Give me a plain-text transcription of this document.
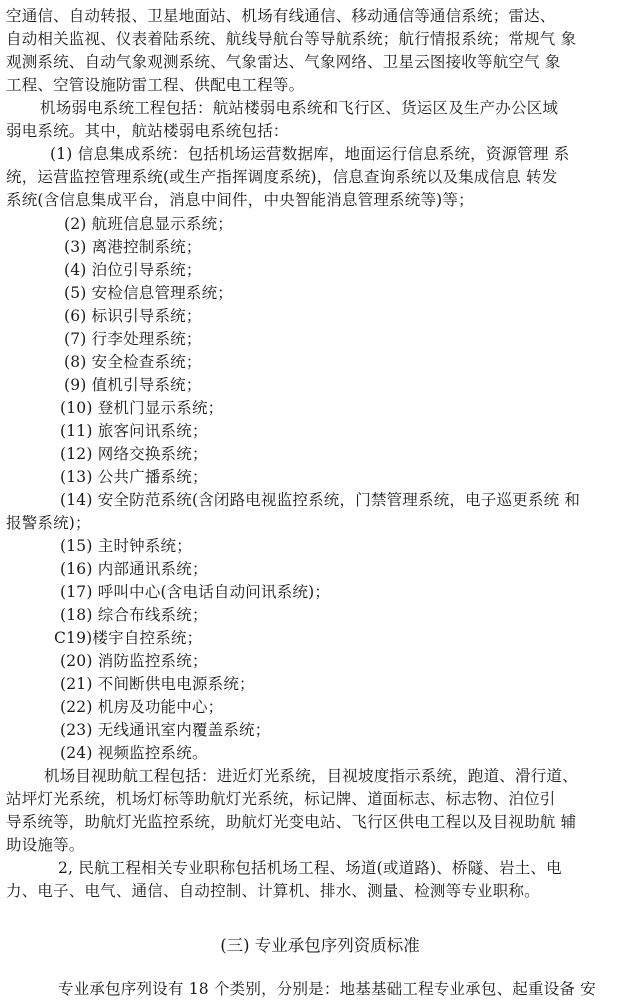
空通信、自动转报、卫星地面站、机场有线通信、移动通信等通信系统；雷达、
自动相关监视、仪表着陆系统、航线导航台等导航系统；航行情报系统；常规气 象
观测系统、自动气象观测系统、气象雷达、气象网络、卫星云图接收等航空气 象
工程、空管设施防雷工程、供配电工程等。
机场弱电系统工程包括：航站楼弱电系统和飞行区、货运区及生产办公区域
弱电系统。其中，航站楼弱电系统包括：
(1) 信息集成系统：包括机场运营数据库，地面运行信息系统，资源管理 系
统，运营监控管理系统(或生产指挥调度系统)，信息查询系统以及集成信息 转发
系统(含信息集成平台，消息中间件，中央智能消息管理系统等)等；
(2) 航班信息显示系统；
(3) 离港控制系统；
(4) 泊位引导系统；
(5) 安检信息管理系统；
(6) 标识引导系统；
(7) 行李处理系统；
(8) 安全检查系统；
(9) 值机引导系统；
(10) 登机门显示系统；
(11) 旅客问讯系统；
(12) 网络交换系统；
(13) 公共广播系统；
(14) 安全防范系统(含闭路电视监控系统，门禁管理系统，电子巡更系统 和
报警系统)；
(15) 主时钟系统；
(16) 内部通讯系统；
(17) 呼叫中心(含电话自动问讯系统)；
(18) 综合布线系统；
C19)楼宇自控系统；
(20) 消防监控系统；
(21) 不间断供电电源系统；
(22) 机房及功能中心；
(23) 无线通讯室内覆盖系统；
(24) 视频监控系统。
机场目视助航工程包括：进近灯光系统，目视坡度指示系统，跑道、滑行道、
站坪灯光系统，机场灯标等助航灯光系统，标记牌、道面标志、标志物、泊位引
导系统等，助航灯光监控系统，助航灯光变电站、飞行区供电工程以及目视助航 辅
助设施等。
2, 民航工程相关专业职称包括机场工程、场道(或道路)、桥隧、岩土、电
力、电子、电气、通信、自动控制、计算机、排水、测量、检测等专业职称。
(三) 专业承包序列资质标准
专业承包序列设有 18 个类别，分别是：地基基础工程专业承包、起重设备 安
